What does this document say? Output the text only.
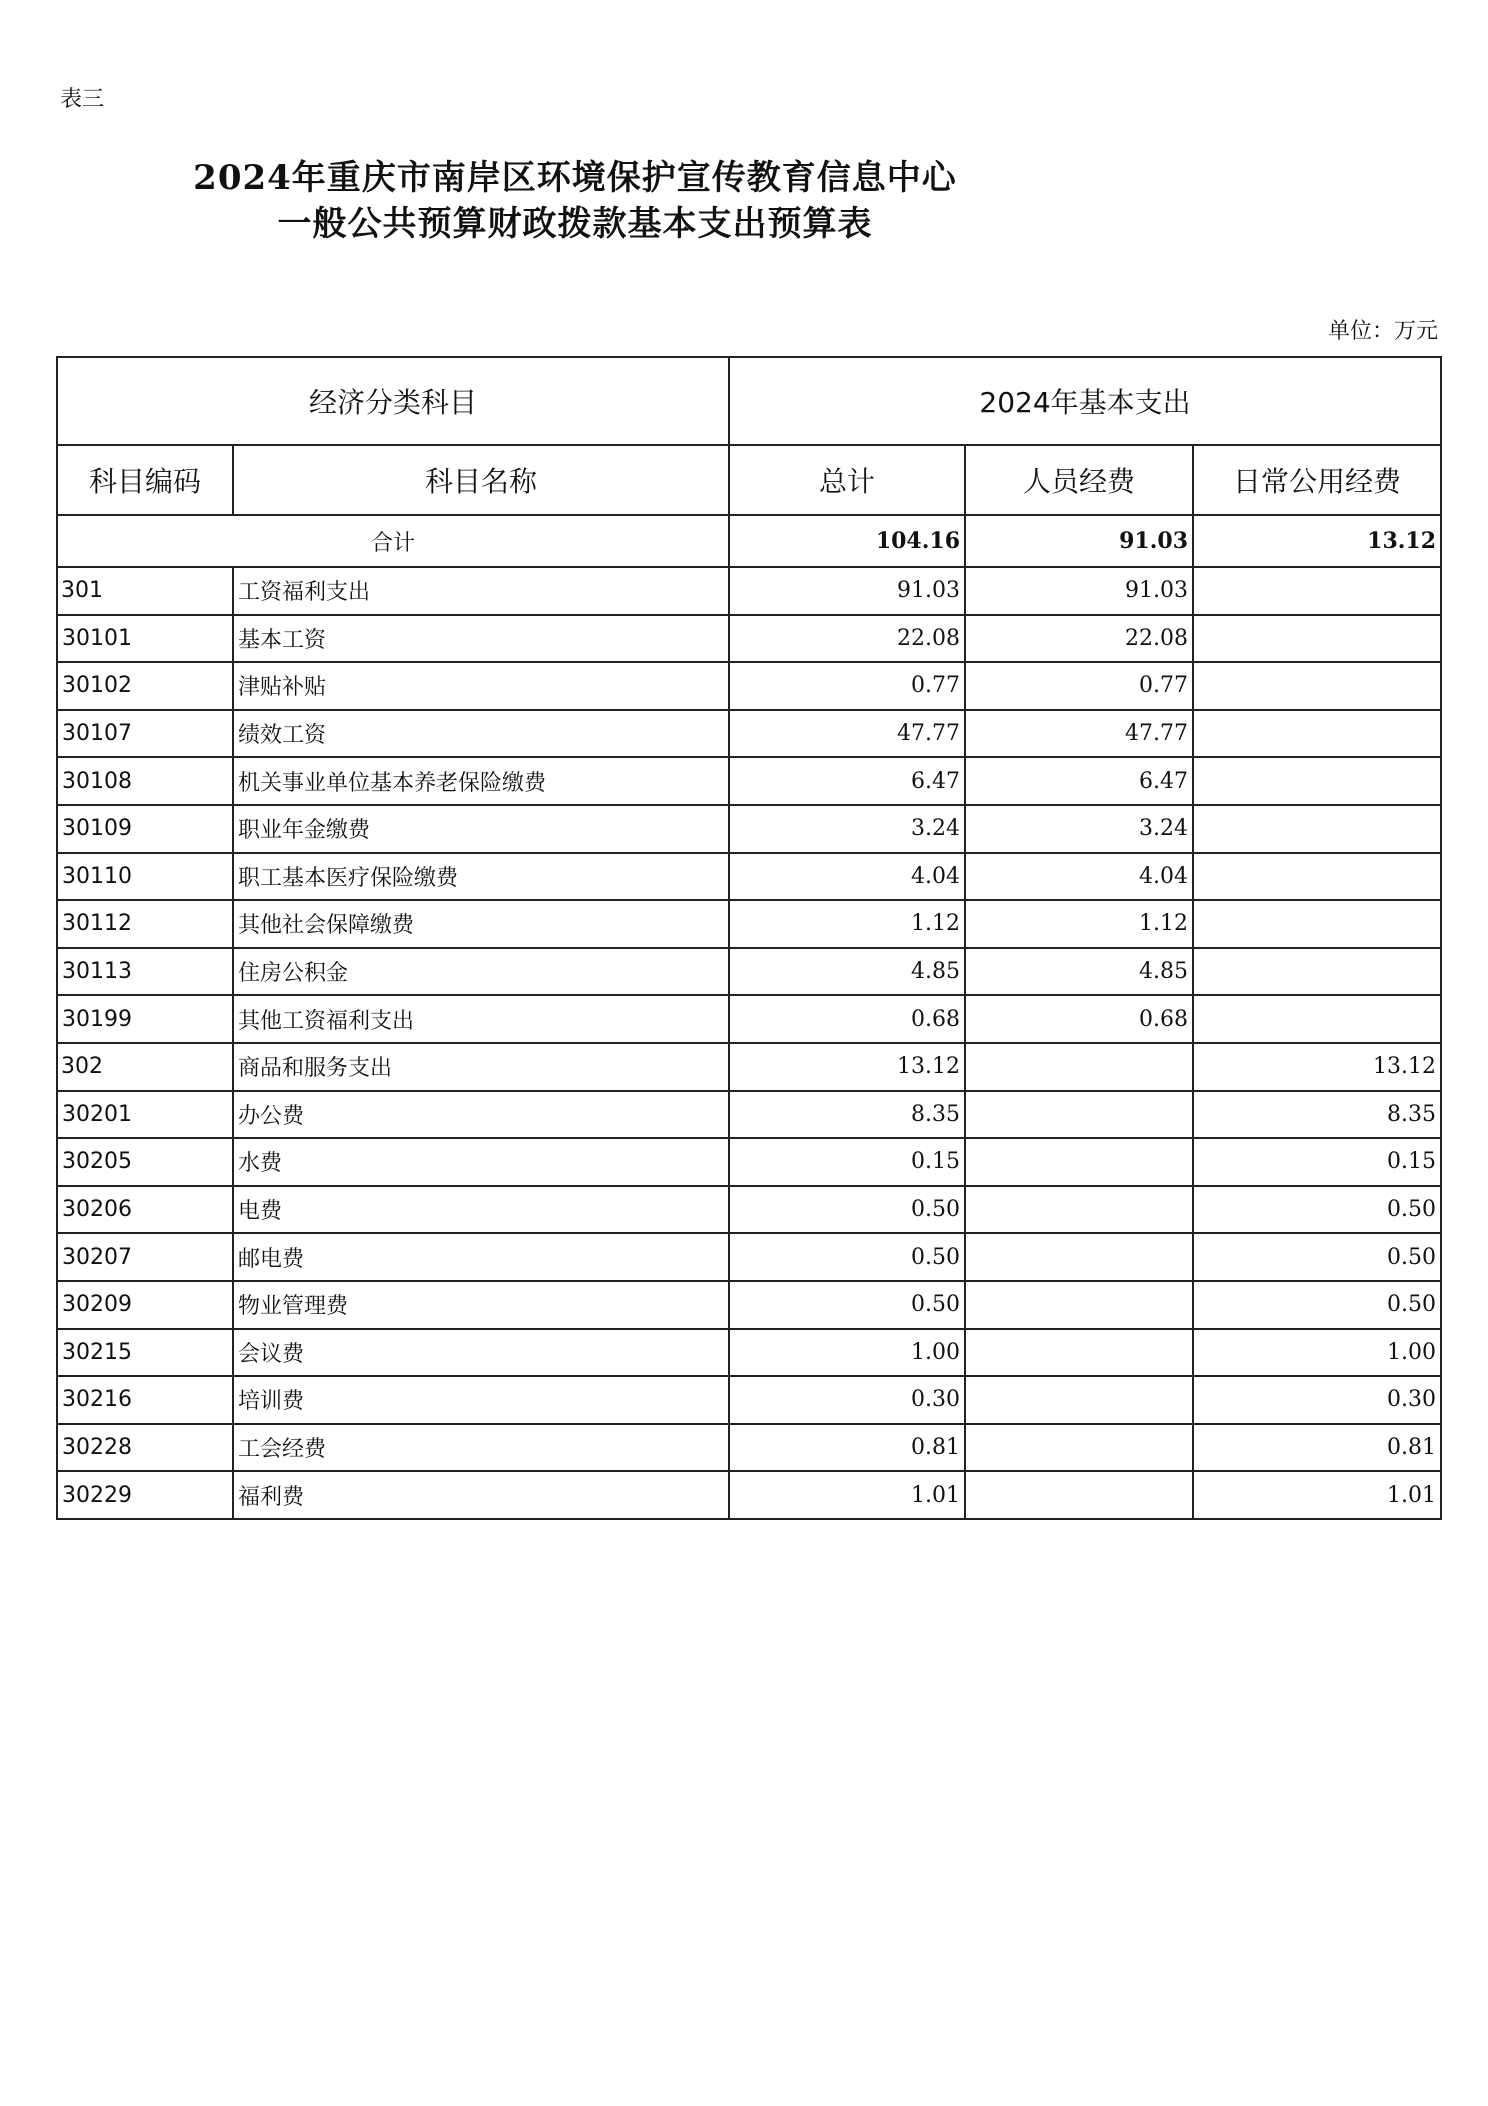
表三
2024年重庆市南岸区环境保护宣传教育信息中心
一般公共预算财政拨款基本支出预算表
单位：万元
经济分类科目		2024年基本支出		
科目编码	科目名称	总计	人员经费	日常公用经费
合计		104.16	91.03	13.12
301	工资福利支出	91.03	91.03	
30101	基本工资	22.08	22.08	
30102	津贴补贴	0.77	0.77	
30107	绩效工资	47.77	47.77	
30108	机关事业单位基本养老保险缴费	6.47	6.47	
30109	职业年金缴费	3.24	3.24	
30110	职工基本医疗保险缴费	4.04	4.04	
30112	其他社会保障缴费	1.12	1.12	
30113	住房公积金	4.85	4.85	
30199	其他工资福利支出	0.68	0.68	
302	商品和服务支出	13.12		13.12
30201	办公费	8.35		8.35
30205	水费	0.15		0.15
30206	电费	0.50		0.50
30207	邮电费	0.50		0.50
30209	物业管理费	0.50		0.50
30215	会议费	1.00		1.00
30216	培训费	0.30		0.30
30228	工会经费	0.81		0.81
30229	福利费	1.01		1.01
